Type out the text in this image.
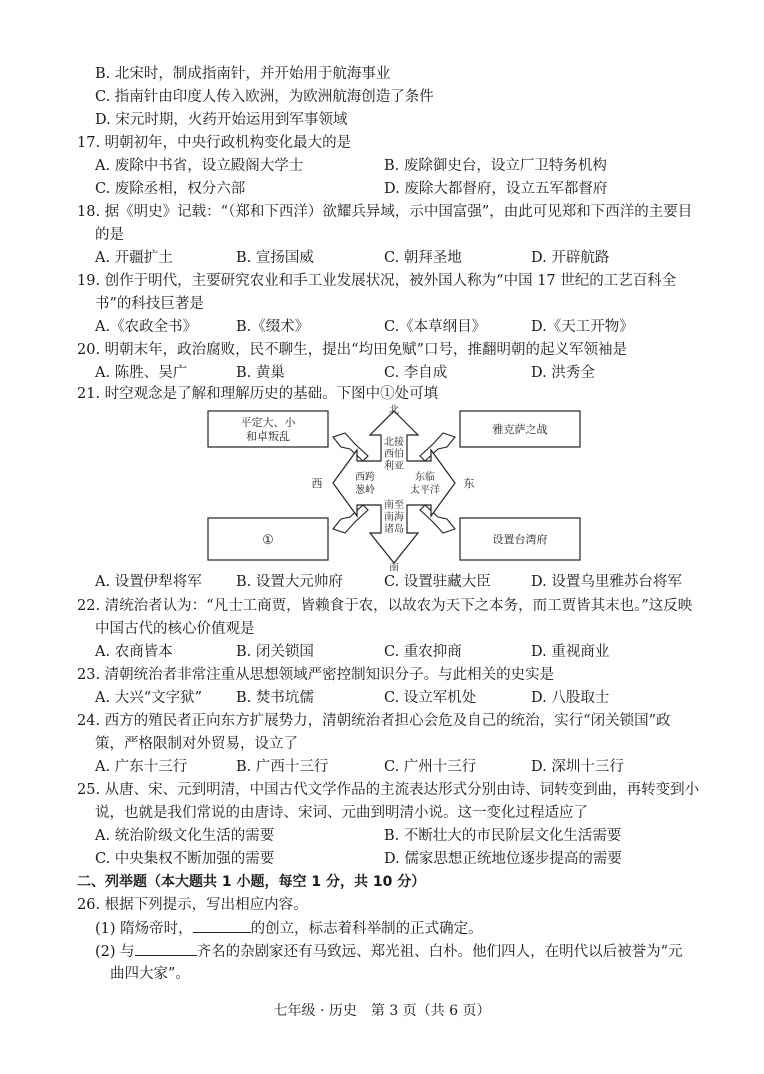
B. 北宋时，制成指南针，并开始用于航海事业
C. 指南针由印度人传入欧洲，为欧洲航海创造了条件
D. 宋元时期，火药开始运用到军事领域
17. 明朝初年，中央行政机构变化最大的是
A. 废除中书省，设立殿阁大学士	B. 废除御史台，设立厂卫特务机构
C. 废除丞相，权分六部	D. 废除大都督府，设立五军都督府
18. 据《明史》记载：“（郑和下西洋）欲耀兵异域，示中国富强”，由此可见郑和下西洋的主要目
的是
A. 开疆扩土	B. 宣扬国威	C. 朝拜圣地	D. 开辟航路
19. 创作于明代，主要研究农业和手工业发展状况，被外国人称为“中国 17 世纪的工艺百科全
书”的科技巨著是
A.《农政全书》	B.《缀术》	C.《本草纲目》	D.《天工开物》
20. 明朝末年，政治腐败，民不聊生，提出“均田免赋”口号，推翻明朝的起义军领袖是
A. 陈胜、吴广	B. 黄巢	C. 李自成	D. 洪秀全
21. 时空观念是了解和理解历史的基础。下图中①处可填
平定大、小
和卓叛乱
雅克萨之战
①	设置台湾府
北接
西伯
利亚
西跨
葱岭
东临
太平洋
南至
南海
诸岛
北
南
西	东
A. 设置伊犁将军 B. 设置大元帅府	C. 设置驻藏大臣	D. 设置乌里雅苏台将军
22. 清统治者认为：“凡士工商贾，皆赖食于农，以故农为天下之本务，而工贾皆其末也。”这反映
中国古代的核心价值观是
A. 农商皆本	B. 闭关锁国	C. 重农抑商	D. 重视商业
23. 清朝统治者非常注重从思想领域严密控制知识分子。与此相关的史实是
A. 大兴“文字狱” B. 焚书坑儒	C. 设立军机处	D. 八股取士
24. 西方的殖民者正向东方扩展势力，清朝统治者担心会危及自己的统治，实行“闭关锁国”政
策，严格限制对外贸易，设立了
A. 广东十三行	B. 广西十三行	C. 广州十三行	D. 深圳十三行
25. 从唐、宋、元到明清，中国古代文学作品的主流表达形式分别由诗、词转变到曲，再转变到小
说，也就是我们常说的由唐诗、宋词、元曲到明清小说。这一变化过程适应了
A. 统治阶级文化生活的需要	B. 不断壮大的市民阶层文化生活需要
C. 中央集权不断加强的需要	D. 儒家思想正统地位逐步提高的需要
二、列举题（本大题共 1 小题，每空 1 分，共 10 分）
26. 根据下列提示，写出相应内容。
(1) 隋炀帝时，	的创立，标志着科举制的正式确定。
(2) 与	齐名的杂剧家还有马致远、郑光祖、白朴。他们四人，在明代以后被誉为“元
曲四大家”。
七年级 · 历史　第 3 页（共 6 页）
